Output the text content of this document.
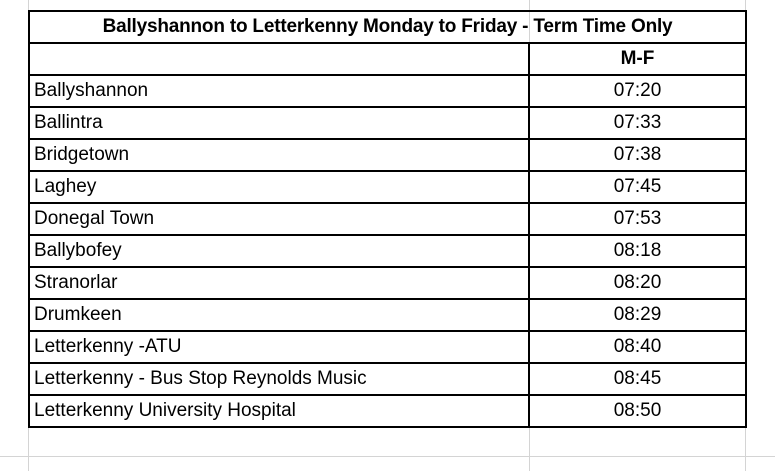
Ballyshannon to Letterkenny Monday to Friday - Term Time Only	
	M-F
Ballyshannon	07:20
Ballintra	07:33
Bridgetown	07:38
Laghey	07:45
Donegal Town	07:53
Ballybofey	08:18
Stranorlar	08:20
Drumkeen	08:29
Letterkenny -ATU	08:40
Letterkenny - Bus Stop Reynolds Music	08:45
Letterkenny University Hospital	08:50
